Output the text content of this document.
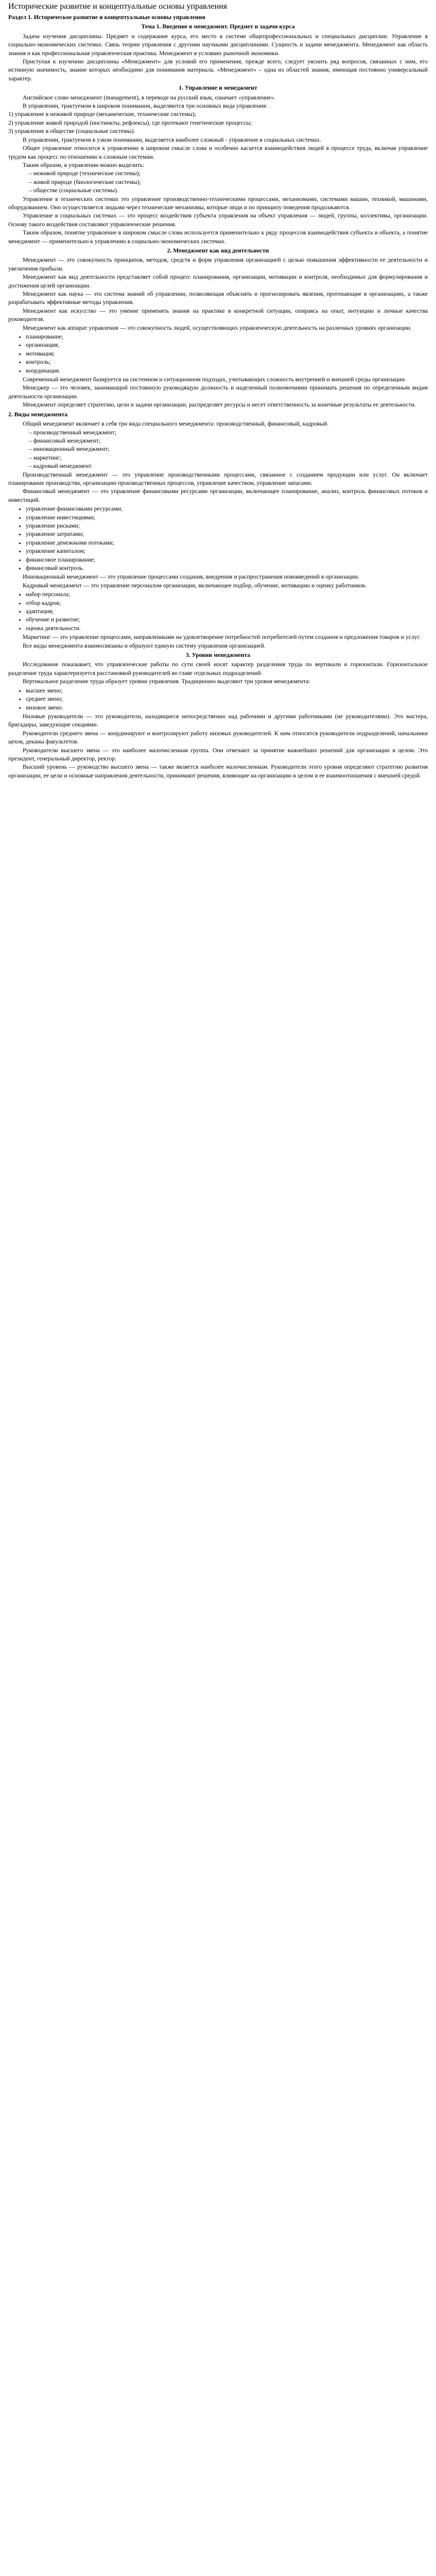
Исторические развитие и концептуальные основы управления
Раздел 1. Историческое развитие и концептуальные основы управления
Тема 1. Введение в менеджмент. Предмет и задачи курса

Задача изучения дисциплины. Предмет и содержание курса, его место в системе общепрофессиональных и специальных дисциплин. Управление в социально-экономических системах. Связь теории управления с другими научными дисциплинами. Сущность и задачи менеджмента. Менеджмент как область знания и как профессиональная управленческая практика. Менеджмент в условиях рыночной экономики.

Приступая к изучению дисциплины «Менеджмент» для условий его применения, прежде всего, следует уяснить ряд вопросов, связанных с ним, его истинную значимость, знание которых необходимо для понимания материала. «Менеджмент» – одна из областей знания, имеющая постоянно универсальный характер.

1. Управление и менеджмент

Английское слово менеджмент (management), в переводе на русский язык, означает «управление».

В управлении, трактуемом в широком понимании, выделяются три основных вида управления:

1) управление в неживой природе (механические, технические системы);

2) управление живой природой (инстинкты, рефлексы), где протекают генетические процессы;

3) управление в обществе (социальные системы).

В управлении, трактуемом в узком понимании, выделяется наиболее сложный - управление в социальных системах.

Общее управление относится к управлению в широком смысле слова и особенно касается взаимодействия людей в процессе труда, включая управление трудом как процесс по отношению к сложным системам.

Таким образом, в управлении можно выделить:

– неживой природе (технические системы);
– живой природе (биологические системы);
– обществе (социальные системы).

Управление в технических системах это управление производственно-техническими процессами, механизмами, системами машин, техникой, машинами, оборудованием. Оно осуществляется людьми через технические механизмы, которые люди и по принципу поведения продолжаются.

Управление в социальных системах — это процесс воздействия субъекта управления на объект управления — людей, группы, коллективы, организации. Основу такого воздействия составляют управленческие решения.

Таким образом, понятие управление в широком смысле слова используется применительно к ряду процессов взаимодействия субъекта и объекта, а понятие менеджмент — применительно к управлению в социально-экономических системах.

2. Менеджмент как вид деятельности

Менеджмент — это совокупность принципов, методов, средств и форм управления организацией с целью повышения эффективности ее деятельности и увеличения прибыли.

Менеджмент как вид деятельности представляет собой процесс планирования, организации, мотивации и контроля, необходимых для формулирования и достижения целей организации.

Менеджмент как наука — это система знаний об управлении, позволяющая объяснять и прогнозировать явления, протекающие в организациях, а также разрабатывать эффективные методы управления.

Менеджмент как искусство — это умение применять знания на практике в конкретной ситуации, опираясь на опыт, интуицию и личные качества руководителя.

Менеджмент как аппарат управления — это совокупность людей, осуществляющих управленческую деятельность на различных уровнях организации.

• планирование;
• организация;
• мотивация;
• контроль;
• координация.

Современный менеджмент базируется на системном и ситуационном подходах, учитывающих сложность внутренней и внешней среды организации.

Менеджер — это человек, занимающий постоянную руководящую должность и наделенный полномочиями принимать решения по определенным видам деятельности организации.

Менеджмент определяет стратегию, цели и задачи организации, распределяет ресурсы и несет ответственность за конечные результаты ее деятельности.

2. Виды менеджмента

Общий менеджмент включает в себя три вида специального менеджмента: производственный, финансовый, кадровый.

– производственный менеджмент;
– финансовый менеджмент;
– инновационный менеджмент;
– маркетинг;
– кадровый менеджмент.

Производственный менеджмент — это управление производственными процессами, связанное с созданием продукции или услуг. Он включает планирование производства, организацию производственных процессов, управление качеством, управление запасами.

Финансовый менеджмент — это управление финансовыми ресурсами организации, включающее планирование, анализ, контроль финансовых потоков и инвестиций.

• управление финансовыми ресурсами;
• управление инвестициями;
• управление рисками;
• управление затратами;
• управление денежными потоками;
• управление капиталом;
• финансовое планирование;
• финансовый контроль.

Инновационный менеджмент — это управление процессами создания, внедрения и распространения нововведений в организации.

Кадровый менеджмент — это управление персоналом организации, включающее подбор, обучение, мотивацию и оценку работников.

• набор персонала;
• отбор кадров;
• адаптация;
• обучение и развитие;
• оценка деятельности.

Маркетинг — это управление процессами, направленными на удовлетворение потребностей потребителей путем создания и предложения товаров и услуг.

Все виды менеджмента взаимосвязаны и образуют единую систему управления организацией.

3. Уровни менеджмента

Исследование показывает, что управленческие работы по сути своей носят характер разделения труда по вертикали и горизонтали. Горизонтальное разделение труда характеризуется расстановкой руководителей во главе отдельных подразделений.

Вертикальное разделение труда образует уровни управления. Традиционно выделяют три уровня менеджмента:

• высшее звено;
• среднее звено;
• низовое звено.

Низовые руководители — это руководители, находящиеся непосредственно над рабочими и другими работниками (не руководителями). Это мастера, бригадиры, заведующие секциями.

Руководители среднего звена — координируют и контролируют работу низовых руководителей. К ним относятся руководители подразделений, начальники цехов, деканы факультетов.

Руководители высшего звена — это наиболее малочисленная группа. Они отвечают за принятие важнейших решений для организации в целом. Это президент, генеральный директор, ректор.

Высший уровень — руководство высшего звена — также является наиболее малочисленным. Руководители этого уровня определяют стратегию развития организации, ее цели и основные направления деятельности, принимают решения, влияющие на организацию в целом и ее взаимоотношения с внешней средой.
